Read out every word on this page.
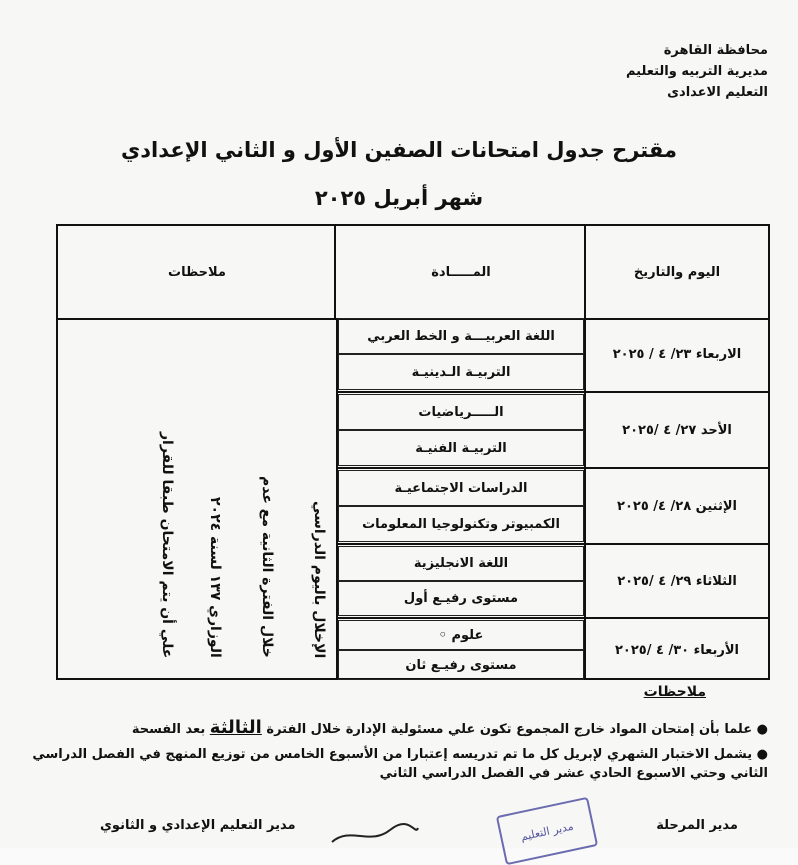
محافظة القاهرة
مديرية التربيه والتعليم
التعليم الاعدادى
مقترح جدول امتحانات الصفين الأول و الثاني الإعدادي
شهر أبريل ٢٠٢٥
اليوم والتاريخ
المـــــادة
ملاحظات
علي أن يتم الامتحان طبقا للقرار الوزاري ١٣٧ لسنة ٢٠٢٤	خلال الفترة الثانية مع عدم	الإخلال باليوم الدراسي
الاربعاء ٢٣/ ٤ / ٢٠٢٥
اللغة العربيـــة و الخط العربي
التربيـة الـدينيـة
الأحد ٢٧/ ٤ /٢٠٢٥
الـــــرياضيات
التربيـة الفنيـة
الإثنين ٢٨/ ٤/ ٢٠٢٥
الدراسات الاجتماعيـة
الكمبيوتر وتكنولوجيا المعلومات
الثلاثاء ٢٩/ ٤ /٢٠٢٥
اللغة الانجليزية
مستوى رفيـع أول
الأربعاء ٣٠/ ٤ /٢٠٢٥
علوم ◦
مستوى رفيـع ثان
ملاحظات
● علما بأن إمتحان المواد خارج المجموع تكون علي مسئولية الإدارة خلال الفترة الثالثة بعد الفسحة
● يشمل الاختبار الشهري لإبريل كل ما تم تدريسه إعتبارا من الأسبوع الخامس من توزيع المنهج في الفصل الدراسي الثاني وحتي الاسبوع الحادي عشر في الفصل الدراسي الثاني
مدير التعليم الإعدادي و الثانوي	مدير التعليم	مدير المرحلة
